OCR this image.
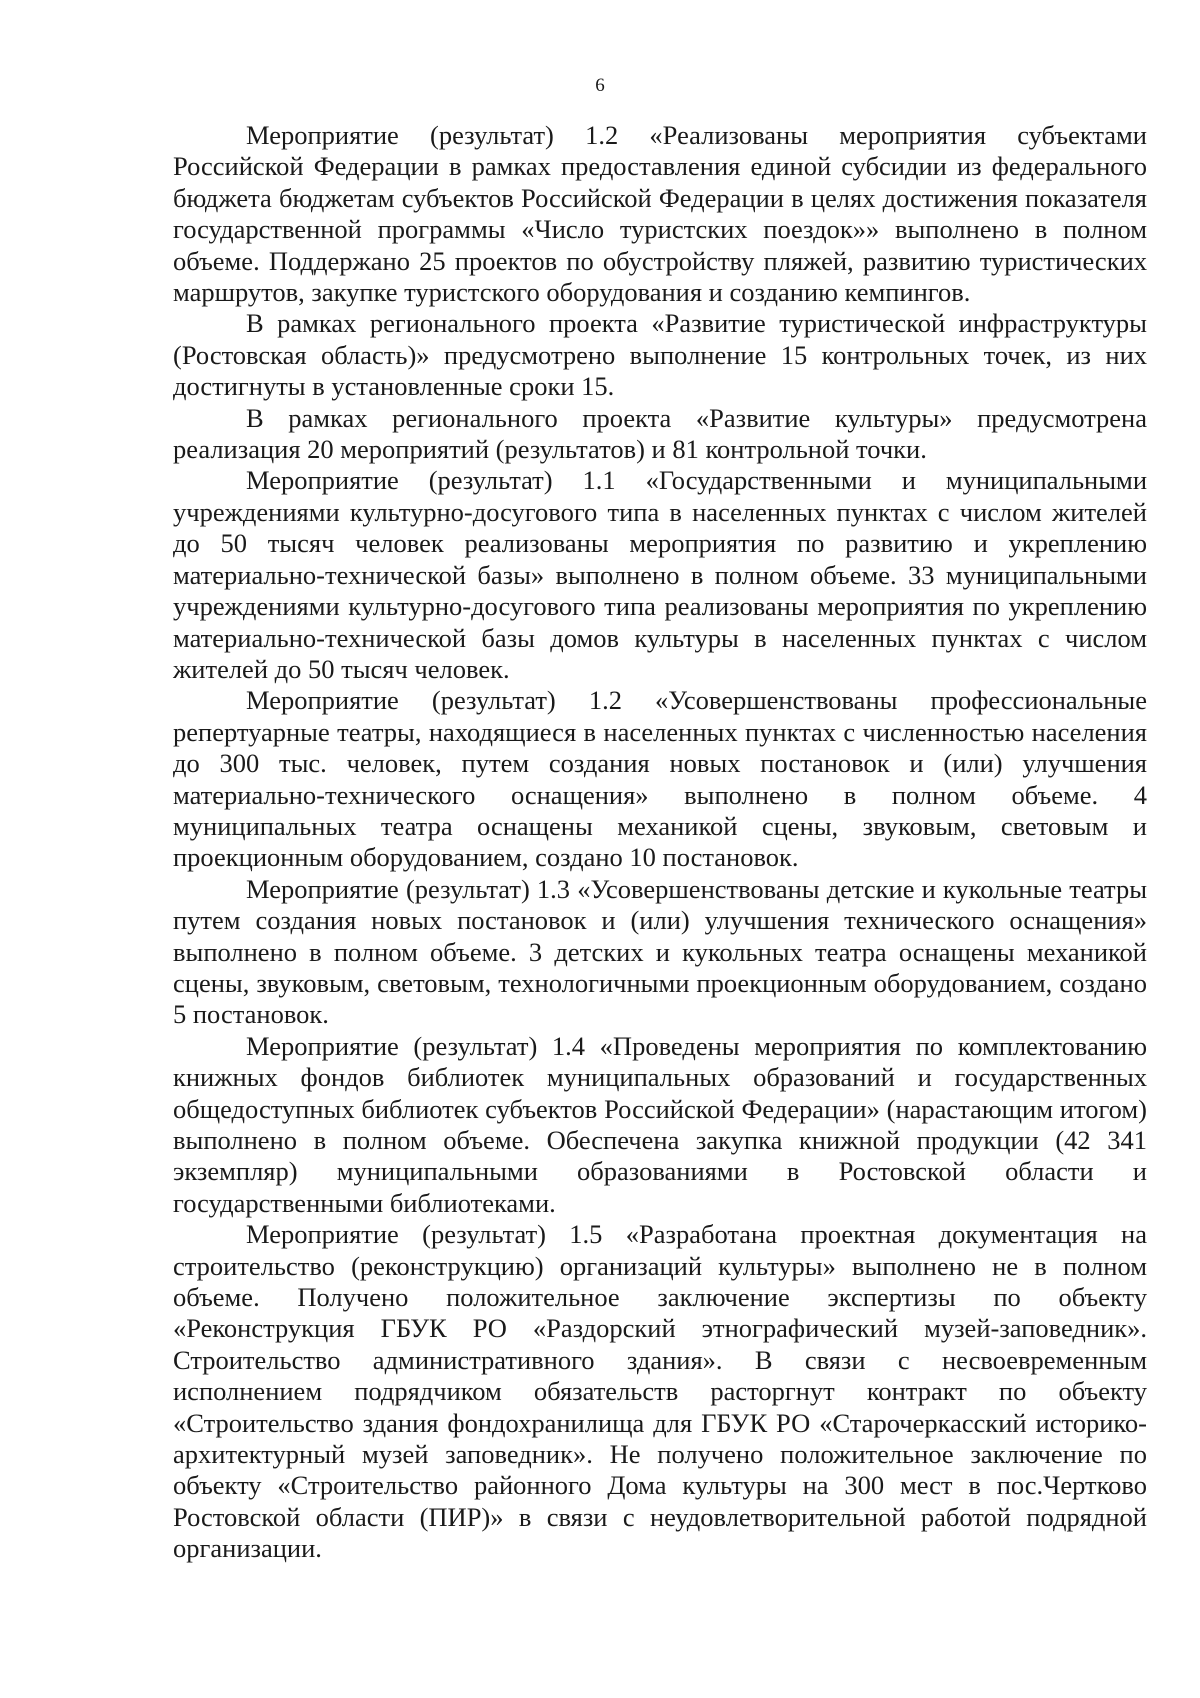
6

Мероприятие (результат) 1.2 «Реализованы мероприятия субъектами Российской Федерации в рамках предоставления единой субсидии из федерального бюджета бюджетам субъектов Российской Федерации в целях достижения показателя государственной программы «Число туристских поездок»» выполнено в полном объеме. Поддержано 25 проектов по обустройству пляжей, развитию туристических маршрутов, закупке туристского оборудования и созданию кемпингов.

В рамках регионального проекта «Развитие туристической инфраструктуры (Ростовская область)» предусмотрено выполнение 15 контрольных точек, из них достигнуты в установленные сроки 15.

В рамках регионального проекта «Развитие культуры» предусмотрена реализация 20 мероприятий (результатов) и 81 контрольной точки.

Мероприятие (результат) 1.1 «Государственными и муниципальными учреждениями культурно-досугового типа в населенных пунктах с числом жителей до 50 тысяч человек реализованы мероприятия по развитию и укреплению материально-технической базы» выполнено в полном объеме. 33 муниципальными учреждениями культурно-досугового типа реализованы мероприятия по укреплению материально-технической базы домов культуры в населенных пунктах с числом жителей до 50 тысяч человек.

Мероприятие (результат) 1.2 «Усовершенствованы профессиональные репертуарные театры, находящиеся в населенных пунктах с численностью населения до 300 тыс. человек, путем создания новых постановок и (или) улучшения материально-технического оснащения» выполнено в полном объеме. 4 муниципальных театра оснащены механикой сцены, звуковым, световым и проекционным оборудованием, создано 10 постановок.

Мероприятие (результат) 1.3 «Усовершенствованы детские и кукольные театры путем создания новых постановок и (или) улучшения технического оснащения» выполнено в полном объеме. 3 детских и кукольных театра оснащены механикой сцены, звуковым, световым, технологичными проекционным оборудованием, создано 5 постановок.

Мероприятие (результат) 1.4 «Проведены мероприятия по комплектованию книжных фондов библиотек муниципальных образований и государственных общедоступных библиотек субъектов Российской Федерации» (нарастающим итогом) выполнено в полном объеме. Обеспечена закупка книжной продукции (42 341 экземпляр) муниципальными образованиями в Ростовской области и государственными библиотеками.

Мероприятие (результат) 1.5 «Разработана проектная документация на строительство (реконструкцию) организаций культуры» выполнено не в полном объеме. Получено положительное заключение экспертизы по объекту «Реконструкция ГБУК РО «Раздорский этнографический музей-заповедник». Строительство административного здания». В связи с несвоевременным исполнением подрядчиком обязательств расторгнут контракт по объекту «Строительство здания фондохранилища для ГБУК РО «Старочеркасский историко-архитектурный музей заповедник». Не получено положительное заключение по объекту «Строительство районного Дома культуры на 300 мест в пос.Чертково Ростовской области (ПИР)» в связи с неудовлетворительной работой подрядной организации.
